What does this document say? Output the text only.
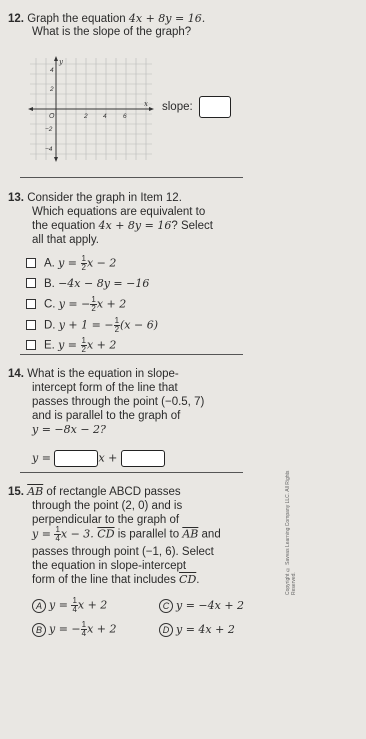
12. Graph the equation 4x + 8y = 16.
What is the slope of the graph?
y
x
O	2 4	6
4
2
−2
−4
slope:
13. Consider the graph in Item 12.
Which equations are equivalent to
the equation 4x + 8y = 16? Select
all that apply.
A. $y = \frac{1}{2}$ x − 2
B. −4x − 8y = −16
C. y = − $\frac{1}{2}$ x + 2
D. y + 1 = − $\frac{1}{2} (x - 6)$
E. $y = \frac{1}{2}$ x + 2
14. What is the equation in slope-
intercept form of the line that
passes through the point (−0.5, 7)
and is parallel to the graph of
y = −8x − 2?
y =	x +
15. $\overline{AB}$ of rectangle ABCD passes
through the point (2, 0) and is
perpendicular to the graph of
$y = \frac{1}{4}$ x − 3. $\overline{CD}$ is parallel to $\overline{AB}$ and
passes through point (−1, 6). Select
the equation in slope-intercept
form of the line that includes $\overline{CD}$.
A $y = \frac{1}{4}$ x + 2	C y = −4x + 2
B y = − $\frac{1}{4}$ x + 2	D y = 4x + 2
Copyright © Savvas Learning Company LLC. All Rights Reserved.
